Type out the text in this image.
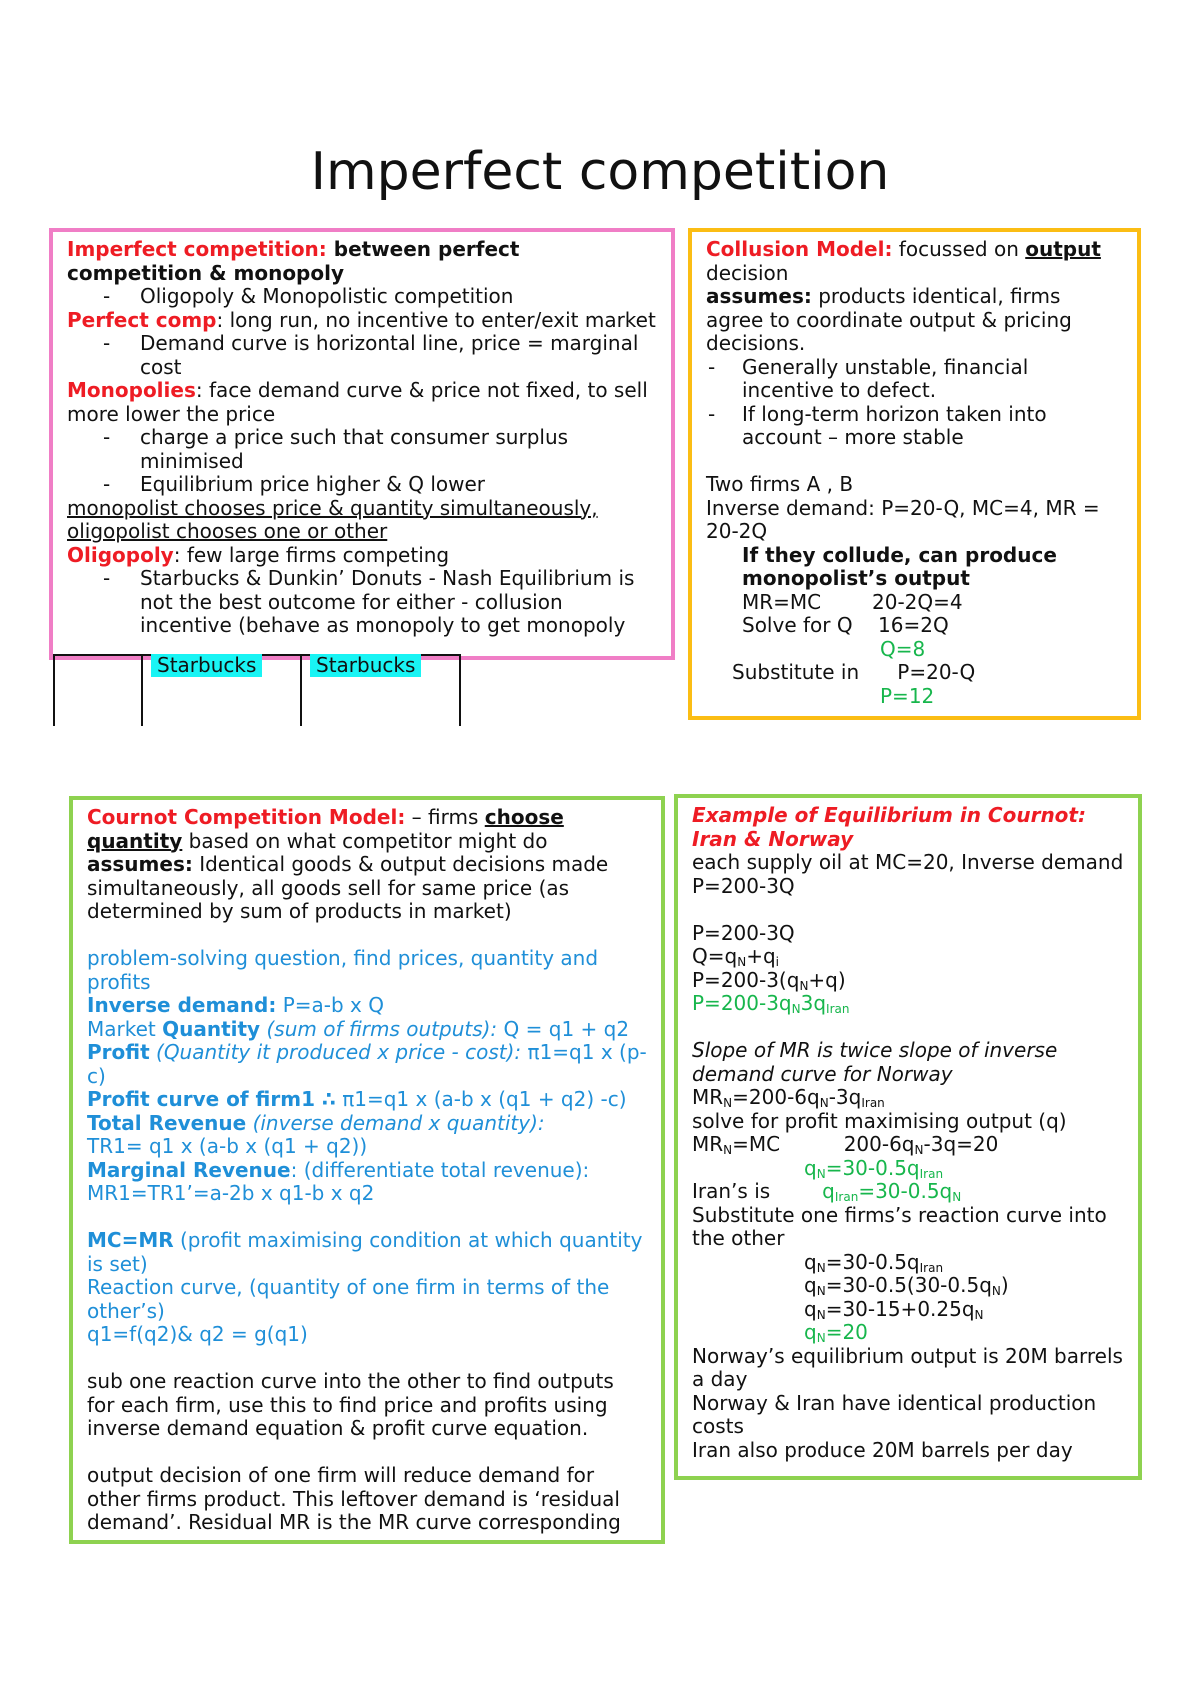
Imperfect competition

Imperfect competition: between perfect competition & monopoly

- Oligopoly & Monopolistic competition

Perfect comp: long run, no incentive to enter/exit market

- Demand curve is horizontal line, price = marginal cost

Monopolies: face demand curve & price not fixed, to sell more lower the price

- charge a price such that consumer surplus minimised

- Equilibrium price higher & Q lower

monopolist chooses price & quantity simultaneously, oligopolist chooses one or other

Oligopoly: few large firms competing

- Starbucks & Dunkin’ Donuts - Nash Equilibrium is not the best outcome for either - collusion incentive (behave as monopoly to get monopoly

Starbucks	Starbucks

Collusion Model: focussed on output decision

assumes: products identical, firms agree to coordinate output & pricing decisions.

- Generally unstable, financial incentive to defect.

- If long-term horizon taken into account – more stable

Two firms A , B

Inverse demand: P=20-Q, MC=4, MR = 20-2Q

If they collude, can produce monopolist’s output

MR=MC        20-2Q=4

Solve for Q    16=2Q

Q=8

Substitute in      P=20-Q

P=12

Cournot Competition Model: – firms choose quantity based on what competitor might do

assumes: Identical goods & output decisions made simultaneously, all goods sell for same price (as determined by sum of products in market)

problem-solving question, find prices, quantity and profits

Inverse demand: P=a-b x Q

Market Quantity (sum of firms outputs): Q = q1 + q2

Profit (Quantity it produced x price - cost): π1=q1 x (p-c)

Profit curve of firm1 ∴ π1=q1 x (a-b x (q1 + q2) -c)

Total Revenue (inverse demand x quantity):

TR1= q1 x (a-b x (q1 + q2))

Marginal Revenue: (differentiate total revenue):

MR1=TR1’=a-2b x q1-b x q2

MC=MR (profit maximising condition at which quantity is set)

Reaction curve, (quantity of one firm in terms of the other’s)

q1=f(q2)& q2 = g(q1)

sub one reaction curve into the other to find outputs for each firm, use this to find price and profits using inverse demand equation & profit curve equation.

output decision of one firm will reduce demand for other firms product. This leftover demand is ‘residual demand’. Residual MR is the MR curve corresponding

Example of Equilibrium in Cournot: Iran & Norway

each supply oil at MC=20, Inverse demand P=200-3Q

P=200-3Q

$Q=q_N+q_i$

$P=200-3(q_N+q)$

$P=200-3q_N3q_{Iran}$

Slope of MR is twice slope of inverse demand curve for Norway

$MR_N=200-6q_N-3q_{Iran}$

solve for profit maximising output (q)

$MR_N=MC$          $200-6q_N-3q=20$

$q_N=30-0.5q_{Iran}$

Iran’s is	$q_{Iran}=30-0.5q_N$

Substitute one firms’s reaction curve into the other

$q_N=30-0.5q_{Iran}$

$q_N=30-0.5(30-0.5q_N)$

$q_N=30-15+0.25q_N$

$q_N=20$

Norway’s equilibrium output is 20M barrels a day

Norway & Iran have identical production costs

Iran also produce 20M barrels per day
